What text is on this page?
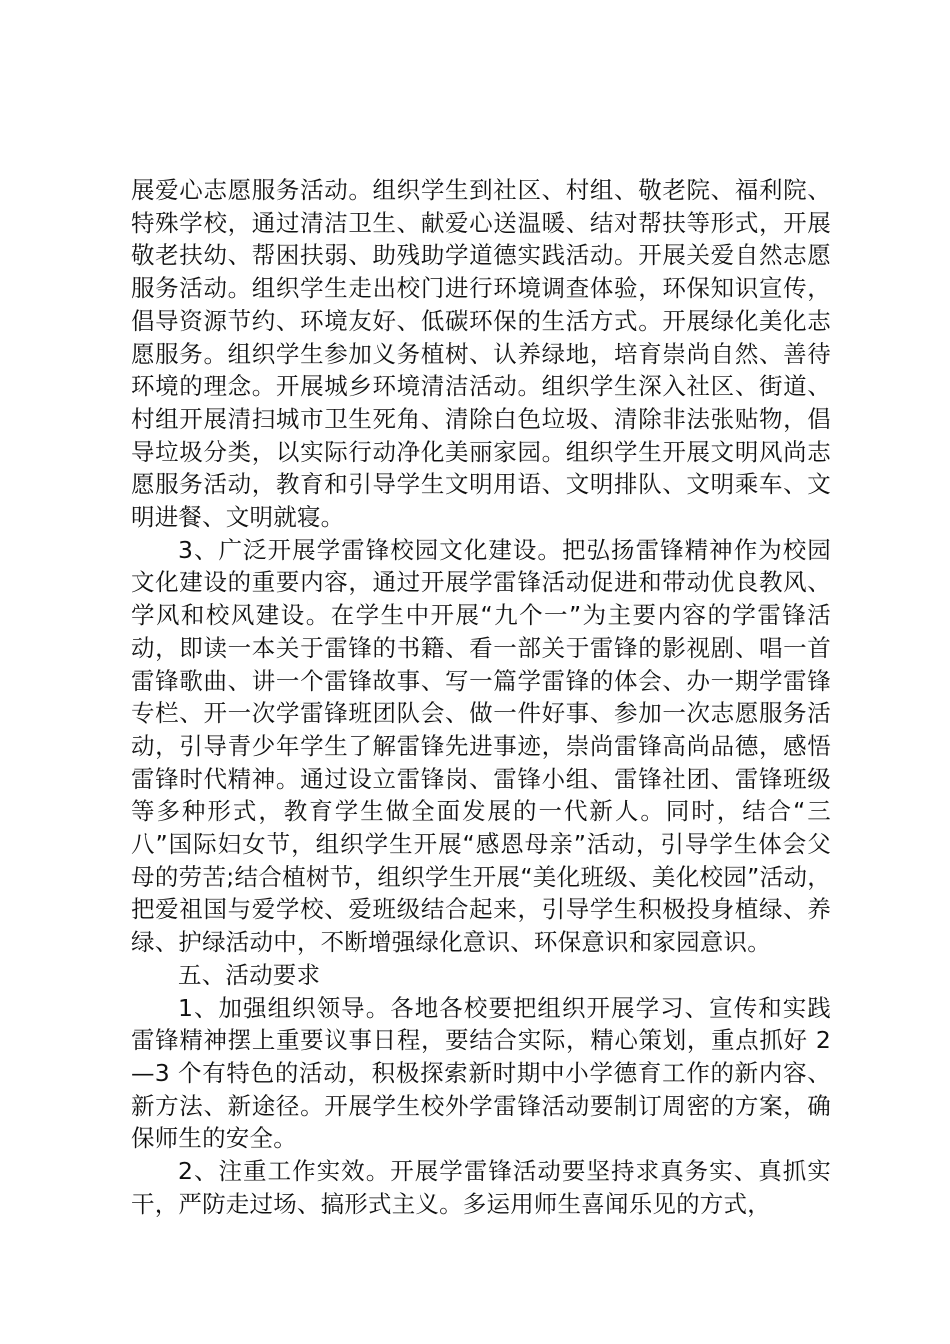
展爱心志愿服务活动。组织学生到社区、村组、敬老院、福利院、特殊学校，通过清洁卫生、献爱心送温暖、结对帮扶等形式，开展敬老扶幼、帮困扶弱、助残助学道德实践活动。开展关爱自然志愿服务活动。组织学生走出校门进行环境调查体验，环保知识宣传，倡导资源节约、环境友好、低碳环保的生活方式。开展绿化美化志愿服务。组织学生参加义务植树、认养绿地，培育崇尚自然、善待环境的理念。开展城乡环境清洁活动。组织学生深入社区、街道、村组开展清扫城市卫生死角、清除白色垃圾、清除非法张贴物，倡导垃圾分类，以实际行动净化美丽家园。组织学生开展文明风尚志愿服务活动，教育和引导学生文明用语、文明排队、文明乘车、文明进餐、文明就寝。

3、广泛开展学雷锋校园文化建设。把弘扬雷锋精神作为校园文化建设的重要内容，通过开展学雷锋活动促进和带动优良教风、学风和校风建设。在学生中开展“九个一”为主要内容的学雷锋活动，即读一本关于雷锋的书籍、看一部关于雷锋的影视剧、唱一首雷锋歌曲、讲一个雷锋故事、写一篇学雷锋的体会、办一期学雷锋专栏、开一次学雷锋班团队会、做一件好事、参加一次志愿服务活动，引导青少年学生了解雷锋先进事迹，崇尚雷锋高尚品德，感悟雷锋时代精神。通过设立雷锋岗、雷锋小组、雷锋社团、雷锋班级等多种形式，教育学生做全面发展的一代新人。同时，结合“三八”国际妇女节，组织学生开展“感恩母亲”活动，引导学生体会父母的劳苦;结合植树节，组织学生开展“美化班级、美化校园”活动，把爱祖国与爱学校、爱班级结合起来，引导学生积极投身植绿、养绿、护绿活动中，不断增强绿化意识、环保意识和家园意识。

五、活动要求

1、加强组织领导。各地各校要把组织开展学习、宣传和实践雷锋精神摆上重要议事日程，要结合实际，精心策划，重点抓好 2—3 个有特色的活动，积极探索新时期中小学德育工作的新内容、新方法、新途径。开展学生校外学雷锋活动要制订周密的方案，确保师生的安全。

2、注重工作实效。开展学雷锋活动要坚持求真务实、真抓实干，严防走过场、搞形式主义。多运用师生喜闻乐见的方式，
